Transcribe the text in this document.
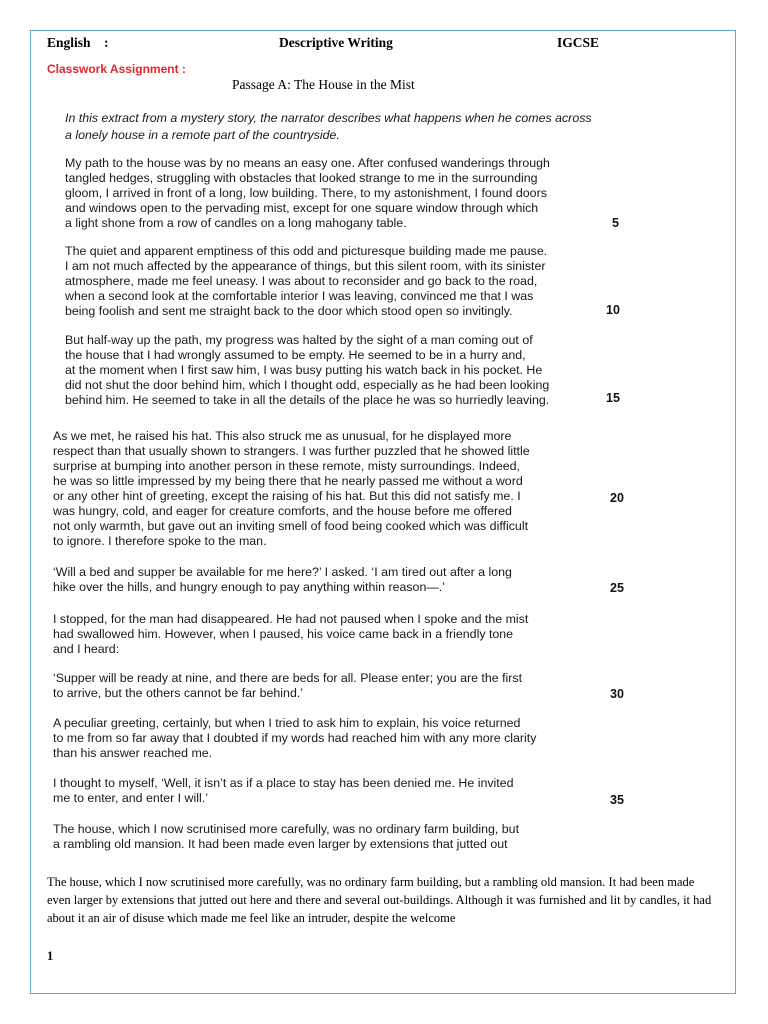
English :	Descriptive Writing	IGCSE
Classwork Assignment :
Passage A: The House in the Mist
In this extract from a mystery story, the narrator describes what happens when he comes across
a lonely house in a remote part of the countryside.
My path to the house was by no means an easy one. After confused wanderings through
tangled hedges, struggling with obstacles that looked strange to me in the surrounding
gloom, I arrived in front of a long, low building. There, to my astonishment, I found doors
and windows open to the pervading mist, except for one square window through which
a light shone from a row of candles on a long mahogany table.
The quiet and apparent emptiness of this odd and picturesque building made me pause.
I am not much affected by the appearance of things, but this silent room, with its sinister
atmosphere, made me feel uneasy. I was about to reconsider and go back to the road,
when a second look at the comfortable interior I was leaving, convinced me that I was
being foolish and sent me straight back to the door which stood open so invitingly.
But half-way up the path, my progress was halted by the sight of a man coming out of
the house that I had wrongly assumed to be empty. He seemed to be in a hurry and,
at the moment when I first saw him, I was busy putting his watch back in his pocket. He
did not shut the door behind him, which I thought odd, especially as he had been looking
behind him. He seemed to take in all the details of the place he was so hurriedly leaving.
As we met, he raised his hat. This also struck me as unusual, for he displayed more
respect than that usually shown to strangers. I was further puzzled that he showed little
surprise at bumping into another person in these remote, misty surroundings. Indeed,
he was so little impressed by my being there that he nearly passed me without a word
or any other hint of greeting, except the raising of his hat. But this did not satisfy me. I
was hungry, cold, and eager for creature comforts, and the house before me offered
not only warmth, but gave out an inviting smell of food being cooked which was difficult
to ignore. I therefore spoke to the man.
‘Will a bed and supper be available for me here?’ I asked. ‘I am tired out after a long
hike over the hills, and hungry enough to pay anything within reason—.’
I stopped, for the man had disappeared. He had not paused when I spoke and the mist
had swallowed him. However, when I paused, his voice came back in a friendly tone
and I heard:
‘Supper will be ready at nine, and there are beds for all. Please enter; you are the first
to arrive, but the others cannot be far behind.’
A peculiar greeting, certainly, but when I tried to ask him to explain, his voice returned
to me from so far away that I doubted if my words had reached him with any more clarity
than his answer reached me.
I thought to myself, ‘Well, it isn’t as if a place to stay has been denied me. He invited
me to enter, and enter I will.’
The house, which I now scrutinised more carefully, was no ordinary farm building, but
a rambling old mansion. It had been made even larger by extensions that jutted out
5
10
15
20
25
30
35
The house, which I now scrutinised more carefully, was no ordinary farm building, but a rambling old mansion. It had been made even larger by extensions that jutted out here and there and several out-buildings. Although it was furnished and lit by candles, it had about it an air of disuse which made me feel like an intruder, despite the welcome
1
